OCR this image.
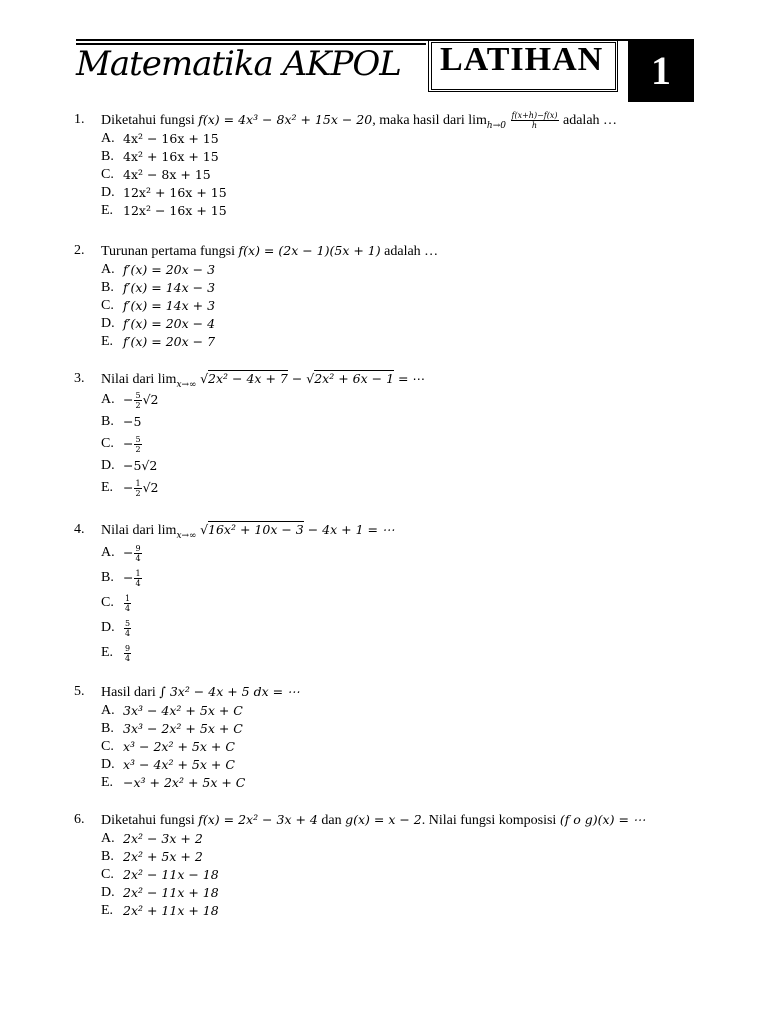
Matematika AKPOL LATIHAN	1
1. Diketahui fungsi f(x) = 4x³ − 8x² + 15x − 20, maka hasil dari $\lim_{h\to 0} \frac{f(x+h)-f(x)}{h}$ adalah …
A. 4x² − 16x + 15
B. 4x² + 16x + 15
C. 4x² − 8x + 15
D. 12x² + 16x + 15
E. 12x² − 16x + 15
2. Turunan pertama fungsi f(x) = (2x − 1)(5x + 1) adalah …
A. f′(x) = 20x − 3
B. f′(x) = 14x − 3
C. f′(x) = 14x + 3
D. f′(x) = 20x − 4
E. f′(x) = 20x − 7
3. Nilai dari $\lim_{x\to\infty} √2x^2 - 4x + 7 - √2x^2 + 6x - 1$ = ⋯
A. − $\frac{5}{2} √2$
B. −5
C. − $\frac{5}{2}$
D. −5√2
E. − $\frac{1}{2} √2$
4. Nilai dari $\lim_{x\to\infty} √16x^2 + 10x - 3 - 4x + 1$ = ⋯
A. − $\frac{9}{4}$
B. − $\frac{1}{4}$
C. $\frac{1}{4}$
D. $\frac{5}{4}$
E. $\frac{9}{4}$
5. Hasil dari ∫ 3x² − 4x + 5 dx = ⋯
A. 3x³ − 4x² + 5x + C
B. 3x³ − 2x² + 5x + C
C. x³ − 2x² + 5x + C
D. x³ − 4x² + 5x + C
E. −x³ + 2x² + 5x + C
6. Diketahui fungsi f(x) = 2x² − 3x + 4 dan g(x) = x − 2. Nilai fungsi komposisi (f o g)(x) = ⋯
A. 2x² − 3x + 2
B. 2x² + 5x + 2
C. 2x² − 11x − 18
D. 2x² − 11x + 18
E. 2x² + 11x + 18
